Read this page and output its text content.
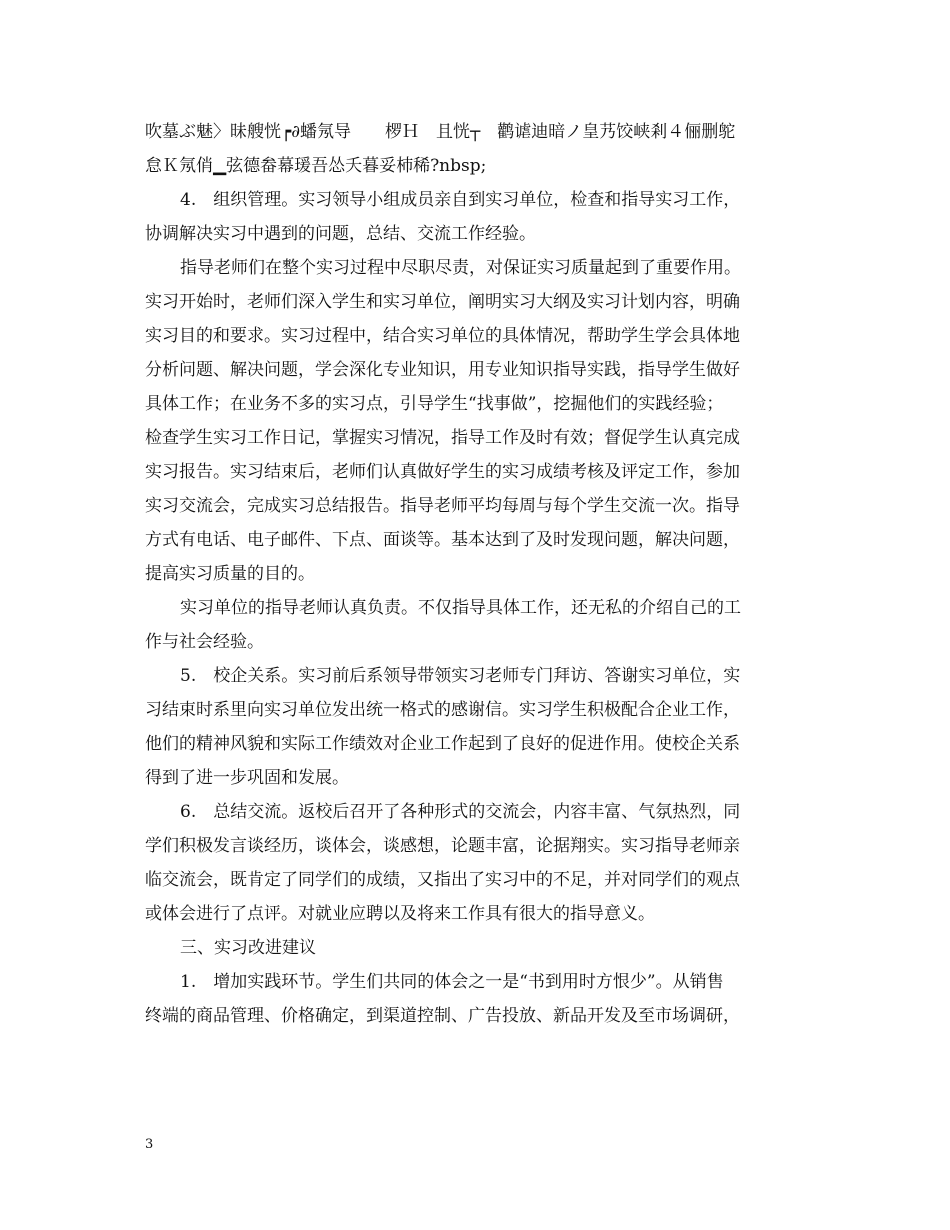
吹墓ぶ魅〉昧艘恍┍∂蟠氖导　　椤Ｈ　且恍┬　鹳谑迪暗ノ皇艿饺峡剎４俪删鸵
怠Ｋ氖俏▁弦德畚幕瑗吾怂夭暮妥杮稀?nbsp;
4.　组织管理。实习领导小组成员亲自到实习单位，检查和指导实习工作，
协调解决实习中遇到的问题，总结、交流工作经验。
指导老师们在整个实习过程中尽职尽责，对保证实习质量起到了重要作用。
实习开始时，老师们深入学生和实习单位，阐明实习大纲及实习计划内容，明确
实习目的和要求。实习过程中，结合实习单位的具体情况，帮助学生学会具体地
分析问题、解决问题，学会深化专业知识，用专业知识指导实践，指导学生做好
具体工作；在业务不多的实习点，引导学生“找事做”，挖掘他们的实践经验；
检查学生实习工作日记，掌握实习情况，指导工作及时有效；督促学生认真完成
实习报告。实习结束后，老师们认真做好学生的实习成绩考核及评定工作，参加
实习交流会，完成实习总结报告。指导老师平均每周与每个学生交流一次。指导
方式有电话、电子邮件、下点、面谈等。基本达到了及时发现问题，解决问题，
提高实习质量的目的。
实习单位的指导老师认真负责。不仅指导具体工作，还无私的介绍自己的工
作与社会经验。
5.　校企关系。实习前后系领导带领实习老师专门拜访、答谢实习单位，实
习结束时系里向实习单位发出统一格式的感谢信。实习学生积极配合企业工作，
他们的精神风貌和实际工作绩效对企业工作起到了良好的促进作用。使校企关系
得到了进一步巩固和发展。
6.　总结交流。返校后召开了各种形式的交流会，内容丰富、气氛热烈，同
学们积极发言谈经历，谈体会，谈感想，论题丰富，论据翔实。实习指导老师亲
临交流会，既肯定了同学们的成绩，又指出了实习中的不足，并对同学们的观点
或体会进行了点评。对就业应聘以及将来工作具有很大的指导意义。
三、实习改进建议
1.　增加实践环节。学生们共同的体会之一是“书到用时方恨少”。从销售
终端的商品管理、价格确定，到渠道控制、广告投放、新品开发及至市场调研，
3
